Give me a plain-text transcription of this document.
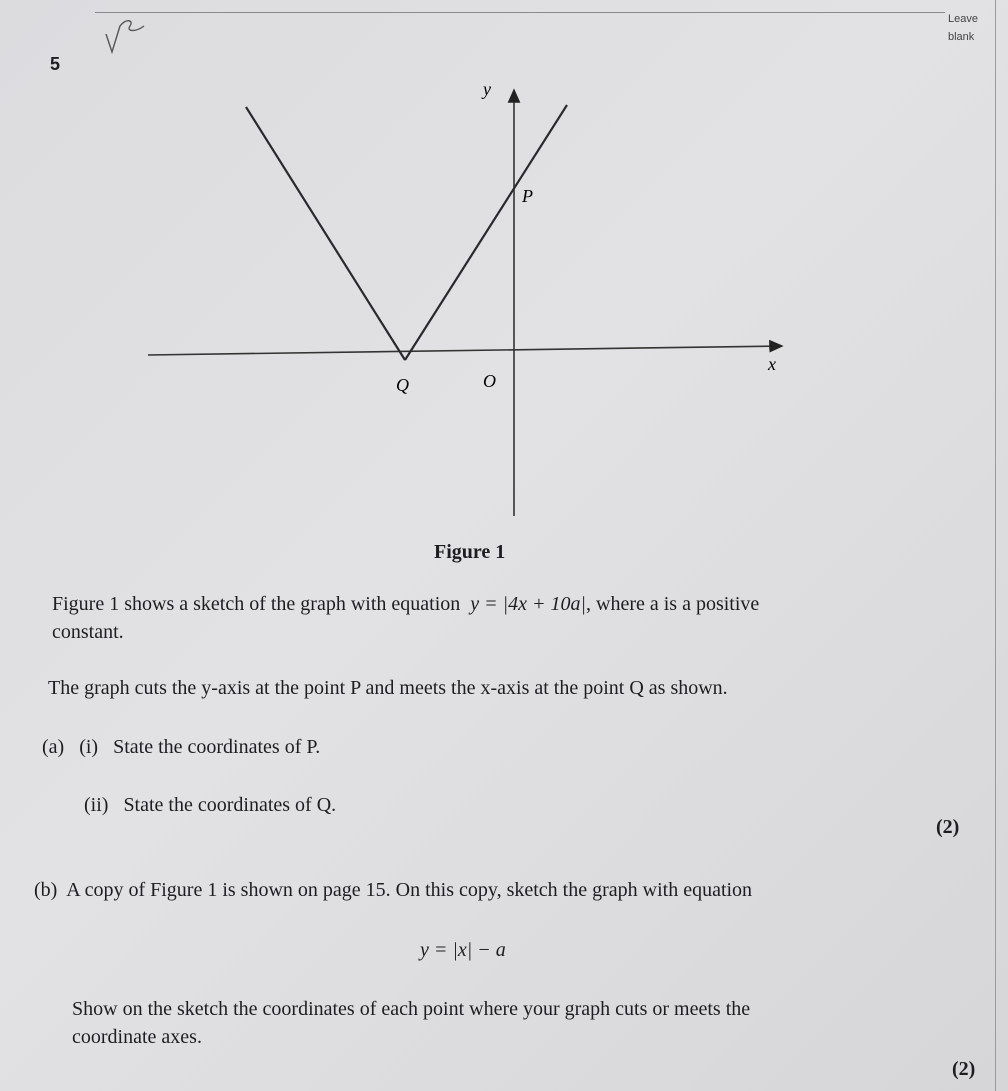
Leave
blank
5
y
x
P
Q	O
Figure 1
Figure 1 shows a sketch of the graph with equation y = |4x + 10a|, where a is a positive
constant.
The graph cuts the y-axis at the point P and meets the x-axis at the point Q as shown.
(a) (i) State the coordinates of P.
(ii) State the coordinates of Q.
(2)
(b) A copy of Figure 1 is shown on page 15. On this copy, sketch the graph with equation
y = |x| − a
Show on the sketch the coordinates of each point where your graph cuts or meets the
coordinate axes.
(2)
